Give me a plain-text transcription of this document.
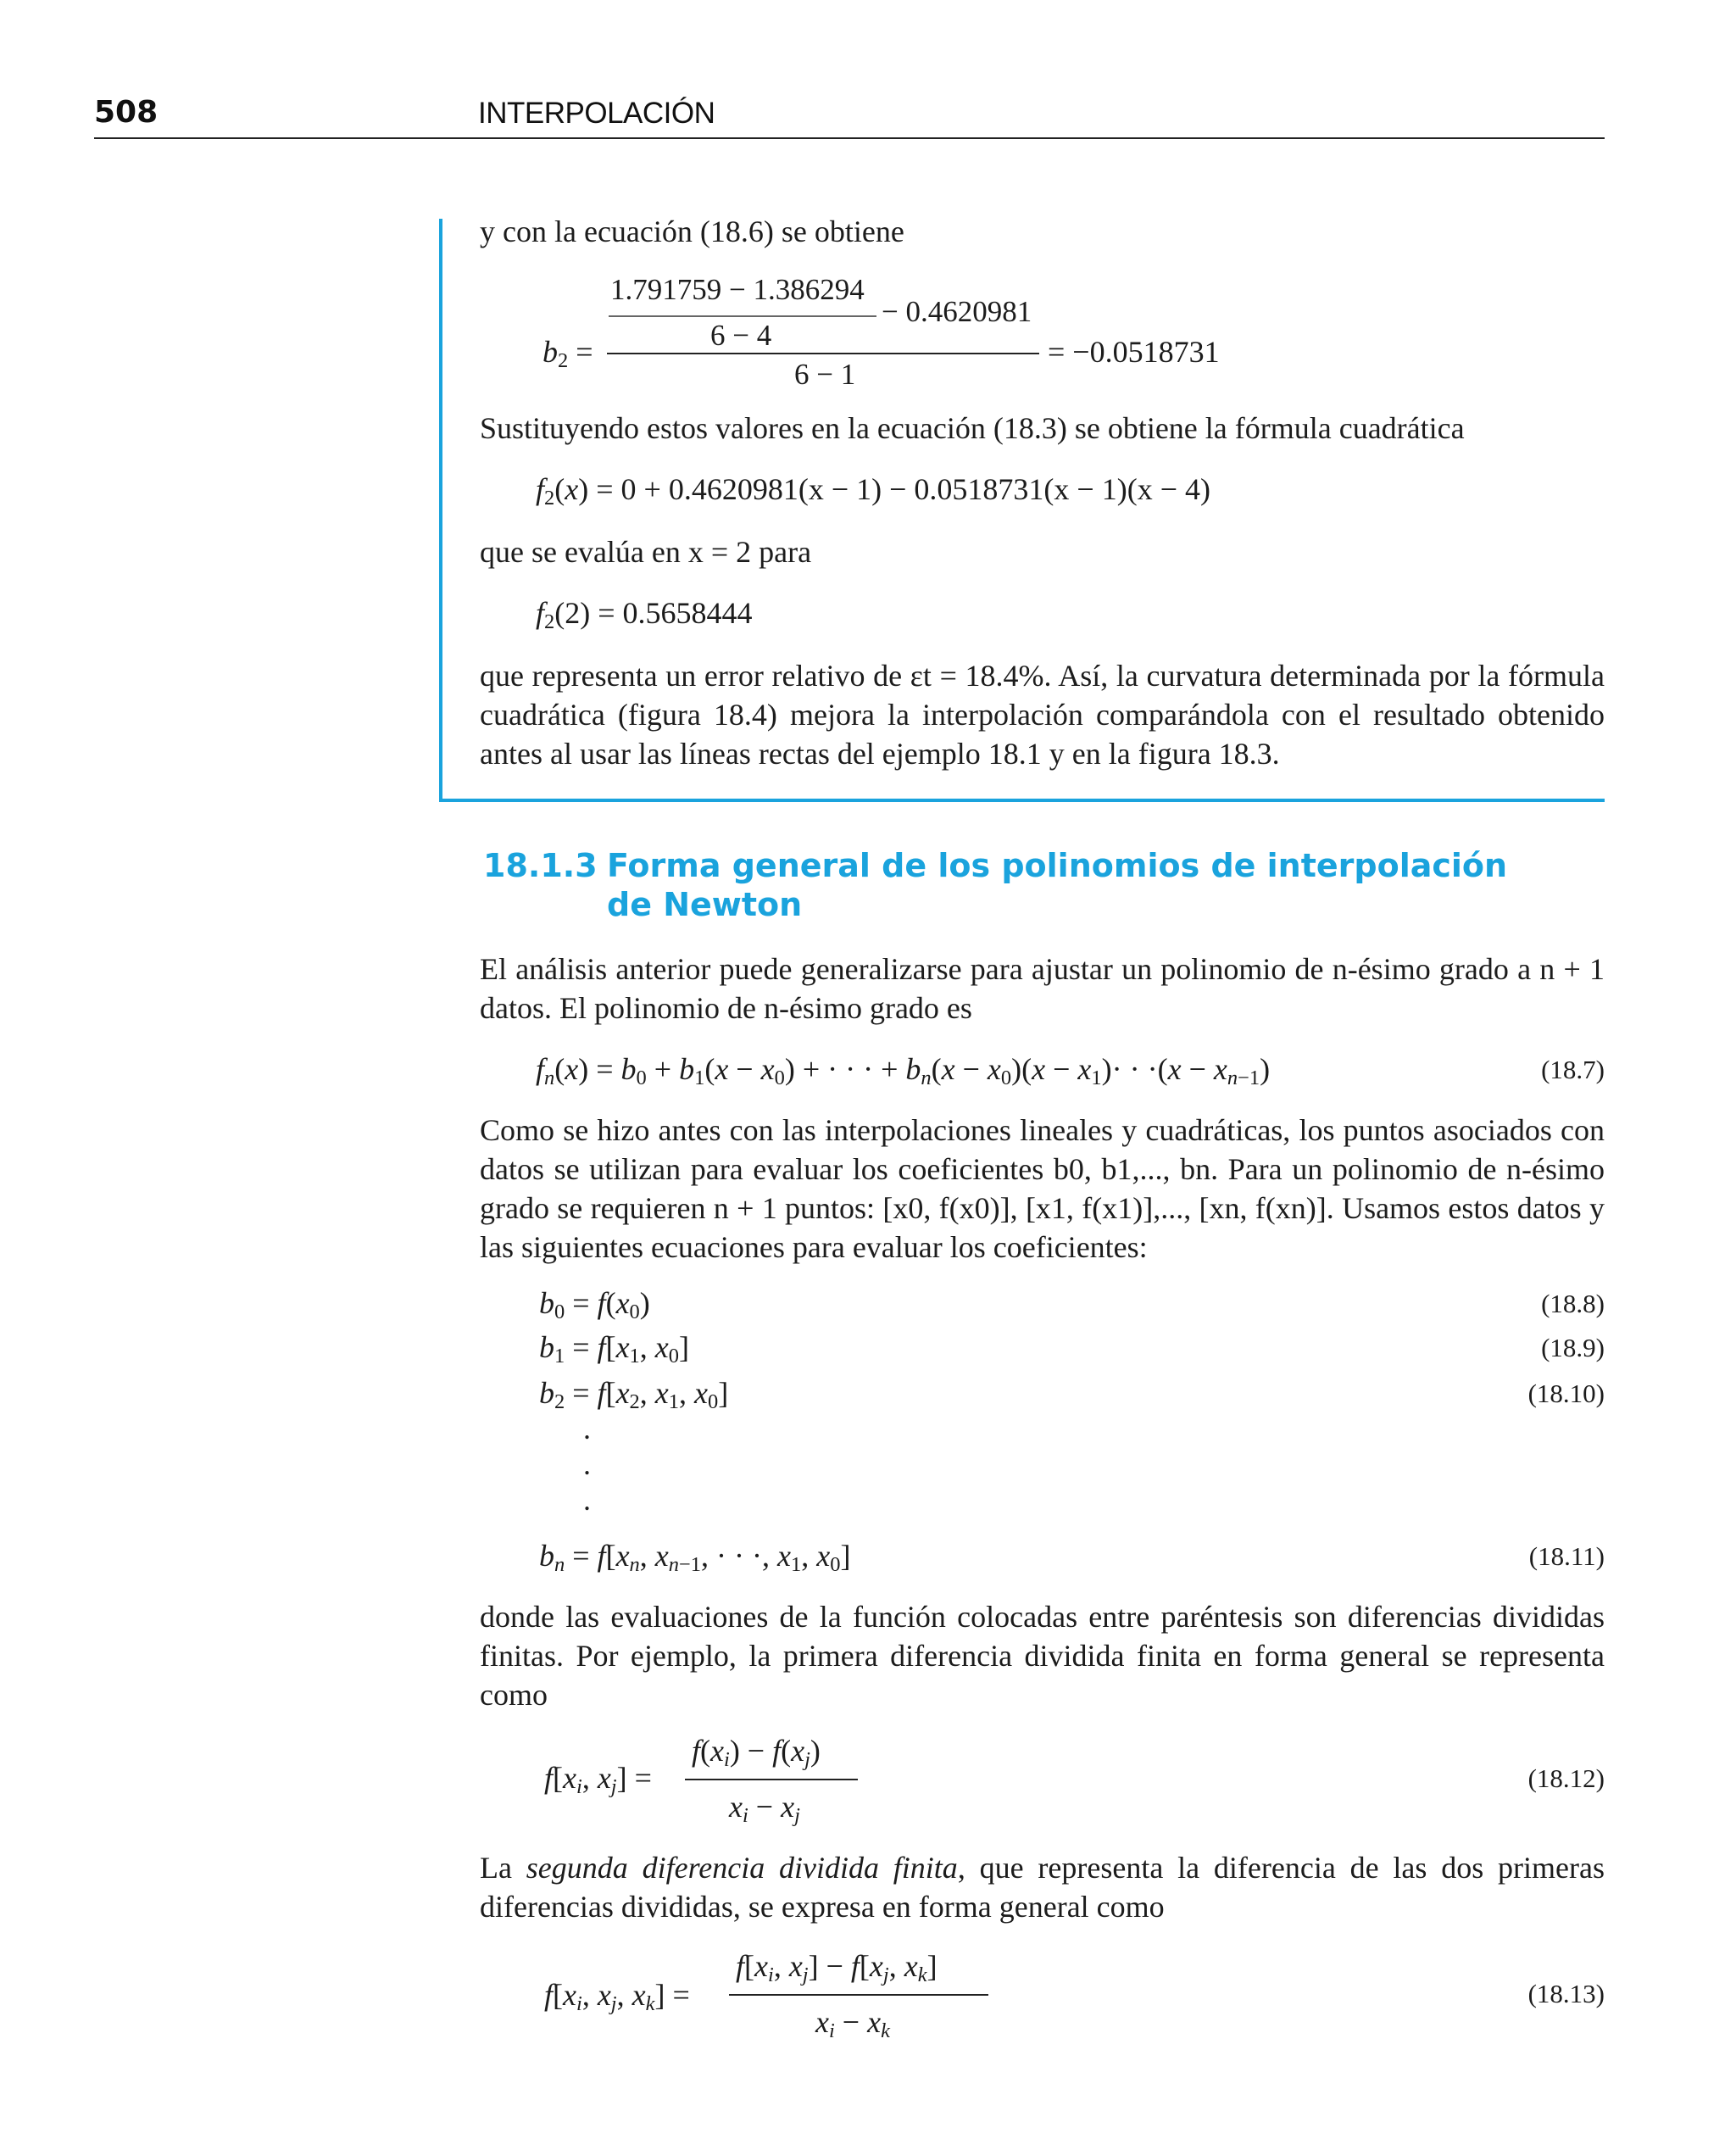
508	INTERPOLACIÓN
y con la ecuación (18.6) se obtiene
1.791759 − 1.386294
6 − 4
− 0.4620981
$b_2$ =
6 − 1
= −0.0518731
Sustituyendo estos valores en la ecuación (18.3) se obtiene la fórmula cuadrática
$f_2(x) = 0 + 0.4620981(x - 1) - 0.0518731(x - 1)(x - 4)$
que se evalúa en x = 2 para
$f_2(2) = 0.5658444$
que representa un error relativo de εt = 18.4%. Así, la curvatura determinada por la fórmula cuadrática (figura 18.4) mejora la interpolación comparándola con el resultado obtenido antes al usar las líneas rectas del ejemplo 18.1 y en la figura 18.3.
18.1.3 Forma general de los polinomios de interpolación
de Newton
El análisis anterior puede generalizarse para ajustar un polinomio de n-ésimo grado a n + 1 datos. El polinomio de n-ésimo grado es
$f_n(x) = b_0 + b_1(x - x_0)$ + · · · + $b_n(x - x_0)(x - x_1)\cdot \cdot \cdot(x - x_{n-1})$	(18.7)
Como se hizo antes con las interpolaciones lineales y cuadráticas, los puntos asociados con datos se utilizan para evaluar los coeficientes b0, b1,..., bn. Para un polinomio de n-ésimo grado se requieren n + 1 puntos: [x0, f(x0)], [x1, f(x1)],..., [xn, f(xn)]. Usamos estos datos y las siguientes ecuaciones para evaluar los coeficientes:
$b_0 = f(x_0)$	(18.8)
$b_1 = f[x_1$, $x_0$]	(18.9)
$b_2 = f[x_2$, $x_1$, $x_0$]	(18.10)
.
.
.
$b_n = f[x_n$, $x_{n-1}$, · · ·, $x_1$, $x_0$]	(18.11)
donde las evaluaciones de la función colocadas entre paréntesis son diferencias divididas finitas. Por ejemplo, la primera diferencia dividida finita en forma general se representa como
$f[x_i$, $x_j$] =
$f(x_i) - f(x_j)$
$x_i - x_j$
(18.12)
La segunda diferencia dividida finita, que representa la diferencia de las dos primeras diferencias divididas, se expresa en forma general como
$f[x_i$, $x_j$, $x_k$] =
$f[x_i$, $x_j] - f[x_j$, $x_k$]
$x_i - x_k$
(18.13)
